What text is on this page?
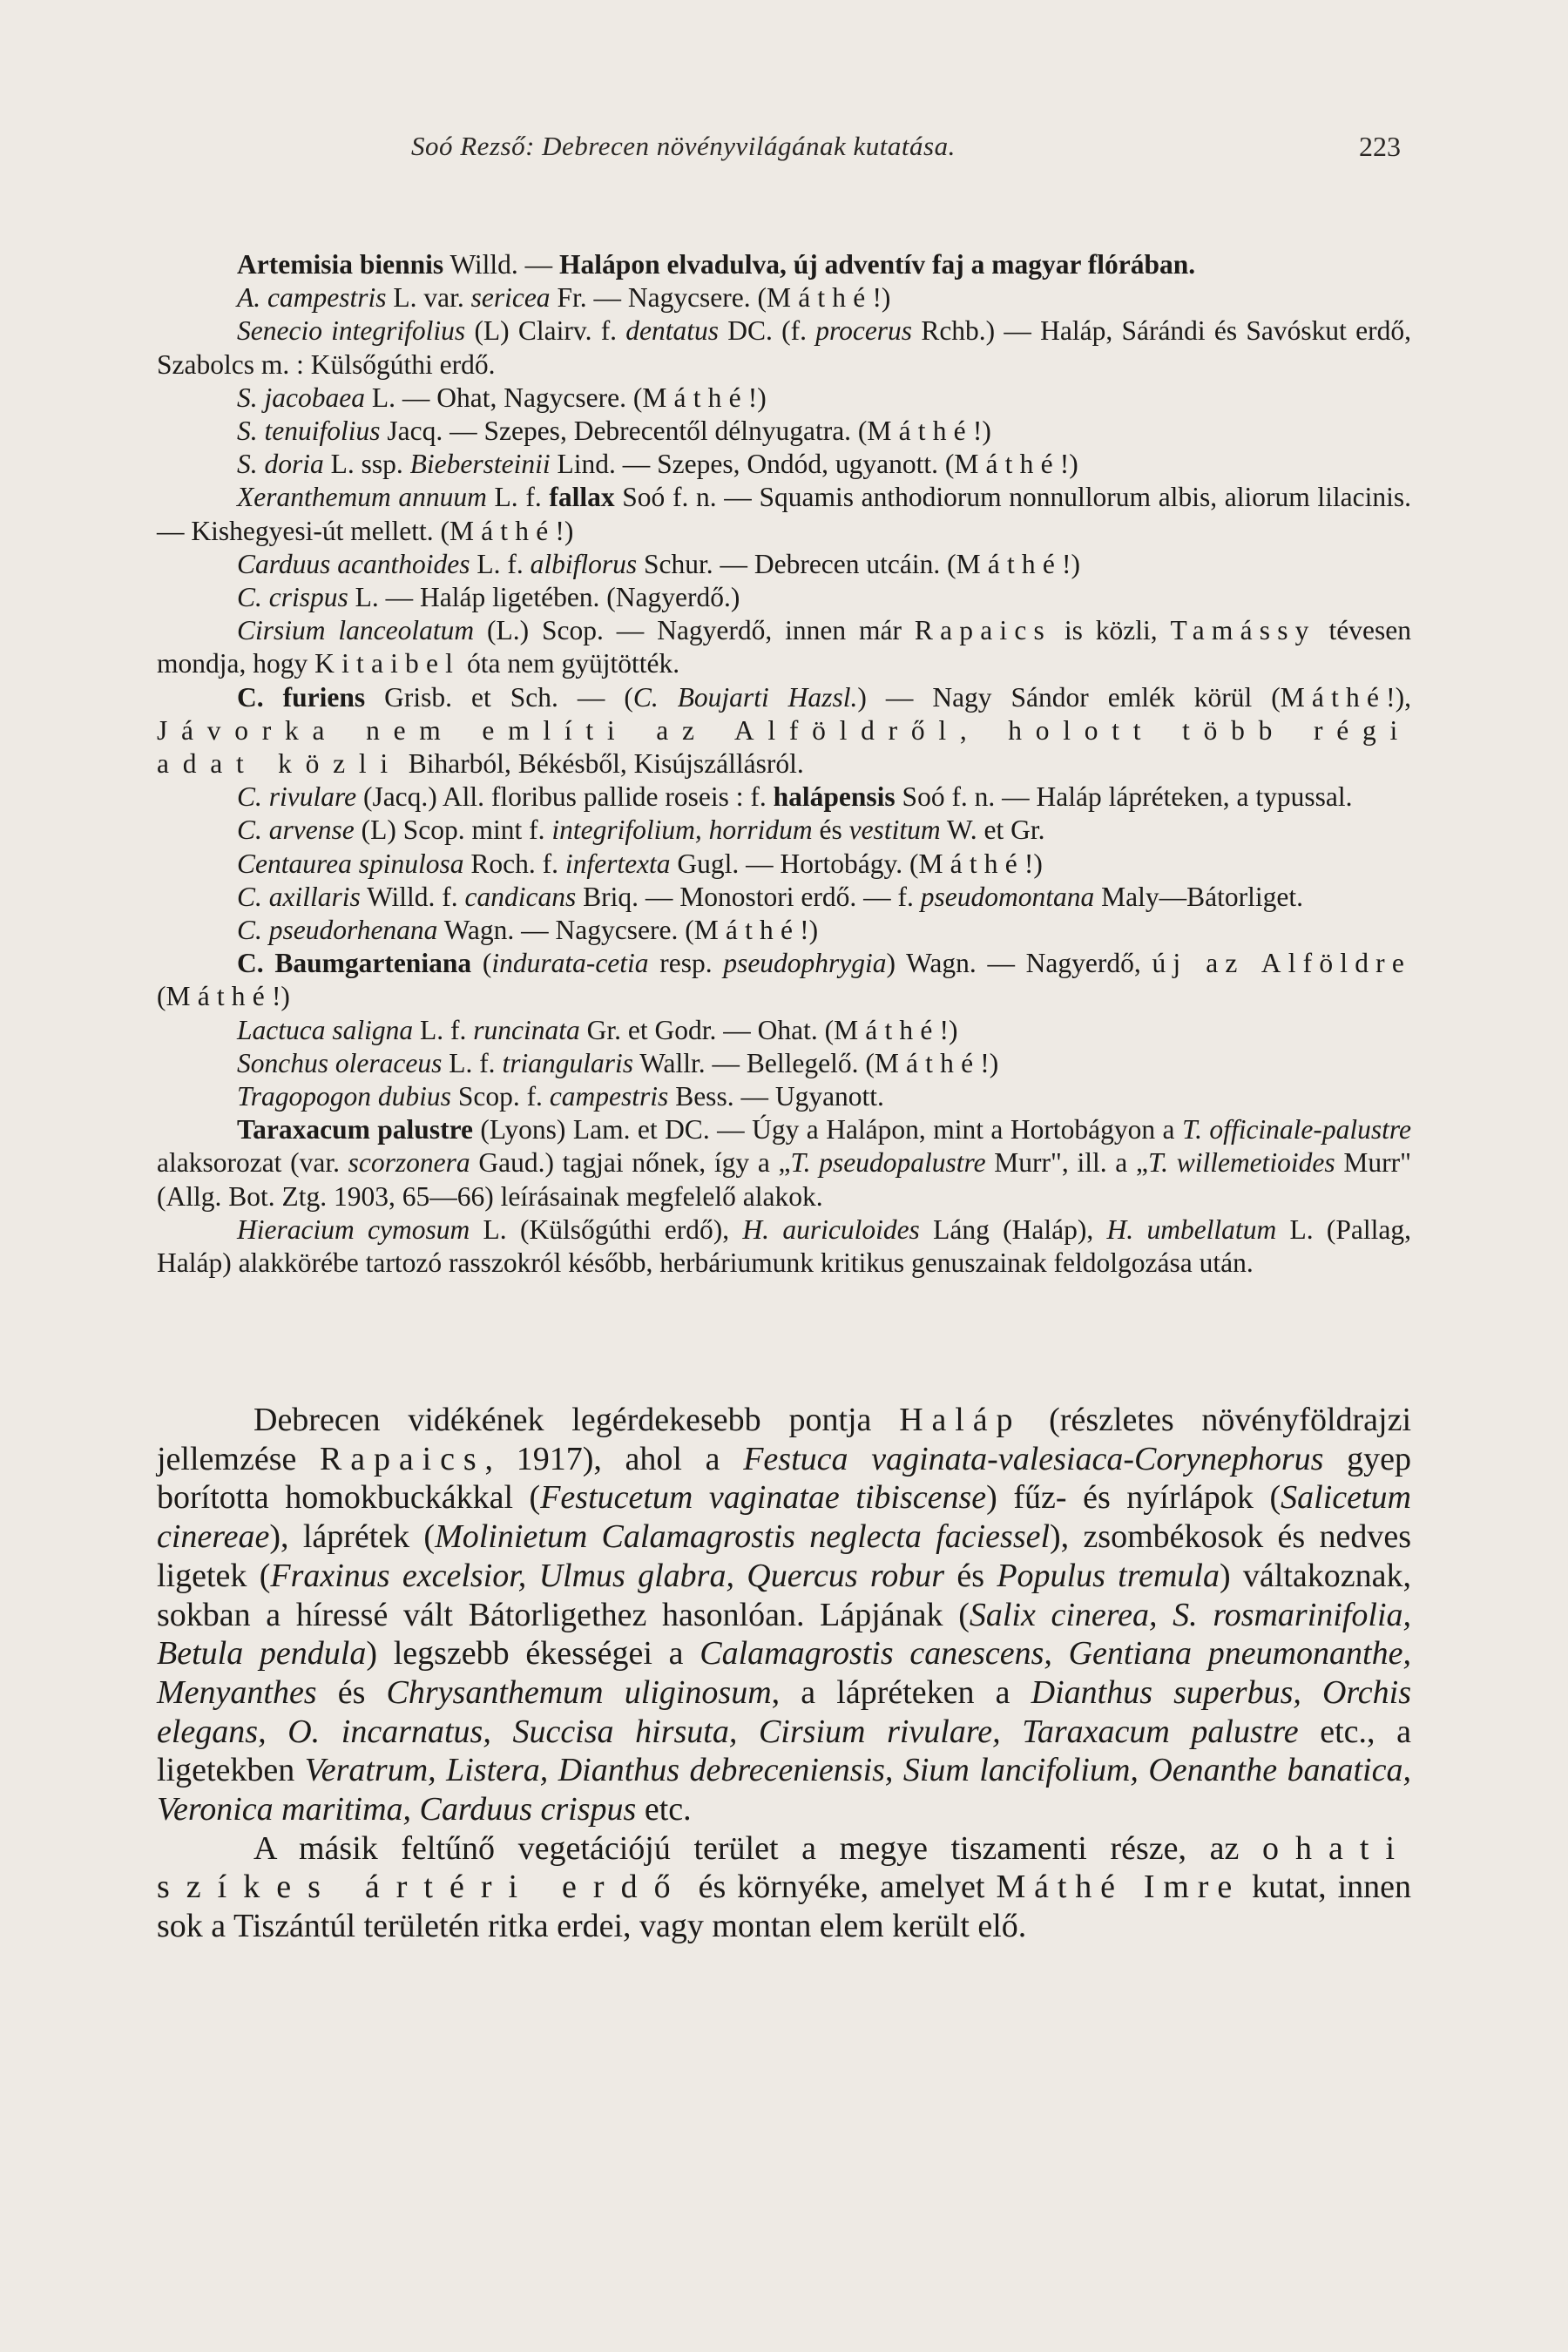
Soó Rezső: Debrecen növényvilágának kutatása.	223

Artemisia biennis Willd. — Halápon elvadulva, új adventív faj a magyar flórában.

A. campestris L. var. sericea Fr. — Nagycsere. (Máthé!)

Senecio integrifolius (L) Clairv. f. dentatus DC. (f. procerus Rchb.) — Haláp, Sárándi és Savóskut erdő, Szabolcs m. : Külsőgúthi erdő.

S. jacobaea L. — Ohat, Nagycsere. (Máthé!)

S. tenuifolius Jacq. — Szepes, Debrecentől délnyugatra. (Máthé!)

S. doria L. ssp. Biebersteinii Lind. — Szepes, Ondód, ugyanott. (Máthé!)

Xeranthemum annuum L. f. fallax Soó f. n. — Squamis anthodiorum nonnullorum albis, aliorum lilacinis. — Kishegyesi-út mellett. (Máthé!)

Carduus acanthoides L. f. albiflorus Schur. — Debrecen utcáin. (Máthé!)

C. crispus L. — Haláp ligetében. (Nagyerdő.)

Cirsium lanceolatum (L.) Scop. — Nagyerdő, innen már Rapaics is közli, Tamássy tévesen mondja, hogy Kitaibel óta nem gyüjtötték.

C. furiens Grisb. et Sch. — (C. Boujarti Hazsl.) — Nagy Sándor emlék körül (Máthé!), Jávorka nem említi az Alföldről, holott több régi adat közli Biharból, Békésből, Kisújszállásról.

C. rivulare (Jacq.) All. floribus pallide roseis : f. halápensis Soó f. n. — Haláp lápréteken, a typussal.

C. arvense (L) Scop. mint f. integrifolium, horridum és vestitum W. et Gr.

Centaurea spinulosa Roch. f. infertexta Gugl. — Hortobágy. (Máthé!)

C. axillaris Willd. f. candicans Briq. — Monostori erdő. — f. pseudomontana Maly—Bátorliget.

C. pseudorhenana Wagn. — Nagycsere. (Máthé!)

C. Baumgarteniana (indurata-cetia resp. pseudophrygia) Wagn. — Nagyerdő, új az Alföldre (Máthé!)

Lactuca saligna L. f. runcinata Gr. et Godr. — Ohat. (Máthé!)

Sonchus oleraceus L. f. triangularis Wallr. — Bellegelő. (Máthé!)

Tragopogon dubius Scop. f. campestris Bess. — Ugyanott.

Taraxacum palustre (Lyons) Lam. et DC. — Úgy a Halápon, mint a Hortobágyon a T. officinale-palustre alaksorozat (var. scorzonera Gaud.) tagjai nőnek, így a „T. pseudopalustre Murr", ill. a „T. willemetioides Murr" (Allg. Bot. Ztg. 1903, 65—66) leírásainak megfelelő alakok.

Hieracium cymosum L. (Külsőgúthi erdő), H. auriculoides Láng (Haláp), H. umbellatum L. (Pallag, Haláp) alakkörébe tartozó rasszokról később, herbáriumunk kritikus genuszainak feldolgozása után.

Debrecen vidékének legérdekesebb pontja Haláp (részletes növényföldrajzi jellemzése Rapaics, 1917), ahol a Festuca vaginata-valesiaca-Corynephorus gyep borította homokbuckákkal (Festucetum vaginatae tibiscense) fűz- és nyírlápok (Salicetum cinereae), láprétek (Molinietum Calamagrostis neglecta faciessel), zsombékosok és nedves ligetek (Fraxinus excelsior, Ulmus glabra, Quercus robur és Populus tremula) váltakoznak, sokban a híressé vált Bátorligethez hasonlóan. Lápjának (Salix cinerea, S. rosmarinifolia, Betula pendula) legszebb ékességei a Calamagrostis canescens, Gentiana pneumonanthe, Menyanthes és Chrysanthemum uliginosum, a lápréteken a Dianthus superbus, Orchis elegans, O. incarnatus, Succisa hirsuta, Cirsium rivulare, Taraxacum palustre etc., a ligetekben Veratrum, Listera, Dianthus debreceniensis, Sium lancifolium, Oenanthe banatica, Veronica maritima, Carduus crispus etc.

A másik feltűnő vegetációjú terület a megye tiszamenti része, az ohati szíkes ártéri erdő és környéke, amelyet Máthé Imre kutat, innen sok a Tiszántúl területén ritka erdei, vagy montan elem került elő.
